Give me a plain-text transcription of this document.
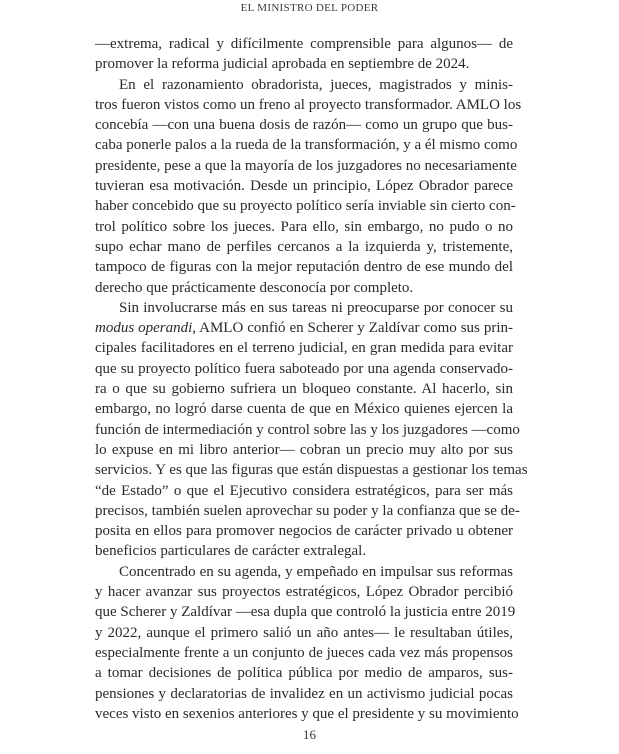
EL MINISTRO DEL PODER
—extrema, radical y difícilmente comprensible para algunos— de
promover la reforma judicial aprobada en septiembre de 2024.
En el razonamiento obradorista, jueces, magistrados y minis-
tros fueron vistos como un freno al proyecto transformador. AMLO los
concebía —con una buena dosis de razón— como un grupo que bus-
caba ponerle palos a la rueda de la transformación, y a él mismo como
presidente, pese a que la mayoría de los juzgadores no necesariamente
tuvieran esa motivación. Desde un principio, López Obrador parece
haber concebido que su proyecto político sería inviable sin cierto con-
trol político sobre los jueces. Para ello, sin embargo, no pudo o no
supo echar mano de perfiles cercanos a la izquierda y, tristemente,
tampoco de figuras con la mejor reputación dentro de ese mundo del
derecho que prácticamente desconocía por completo.
Sin involucrarse más en sus tareas ni preocuparse por conocer su
modus operandi, AMLO confió en Scherer y Zaldívar como sus prin-
cipales facilitadores en el terreno judicial, en gran medida para evitar
que su proyecto político fuera saboteado por una agenda conservado-
ra o que su gobierno sufriera un bloqueo constante. Al hacerlo, sin
embargo, no logró darse cuenta de que en México quienes ejercen la
función de intermediación y control sobre las y los juzgadores —como
lo expuse en mi libro anterior— cobran un precio muy alto por sus
servicios. Y es que las figuras que están dispuestas a gestionar los temas
“de Estado” o que el Ejecutivo considera estratégicos, para ser más
precisos, también suelen aprovechar su poder y la confianza que se de-
posita en ellos para promover negocios de carácter privado u obtener
beneficios particulares de carácter extralegal.
Concentrado en su agenda, y empeñado en impulsar sus reformas
y hacer avanzar sus proyectos estratégicos, López Obrador percibió
que Scherer y Zaldívar —esa dupla que controló la justicia entre 2019
y 2022, aunque el primero salió un año antes— le resultaban útiles,
especialmente frente a un conjunto de jueces cada vez más propensos
a tomar decisiones de política pública por medio de amparos, sus-
pensiones y declaratorias de invalidez en un activismo judicial pocas
veces visto en sexenios anteriores y que el presidente y su movimiento
16
